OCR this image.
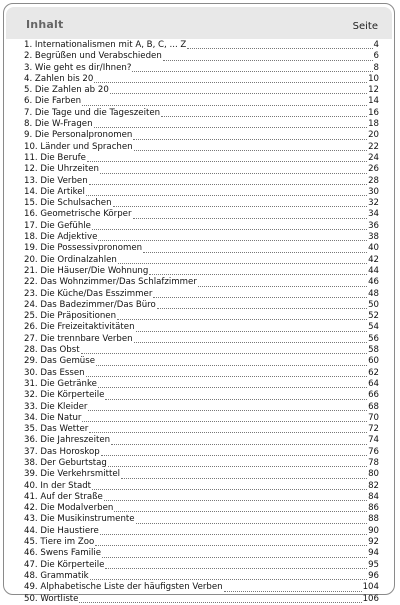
Inhalt	Seite
1. Internationalismen mit A, B, C, ... Z	4
2. Begrüßen und Verabschieden	6
3. Wie geht es dir/Ihnen?	8
4. Zahlen bis 20	10
5. Die Zahlen ab 20	12
6. Die Farben	14
7. Die Tage und die Tageszeiten	16
8. Die W-Fragen	18
9. Die Personalpronomen	20
10. Länder und Sprachen	22
11. Die Berufe	24
12. Die Uhrzeiten	26
13. Die Verben	28
14. Die Artikel	30
15. Die Schulsachen	32
16. Geometrische Körper	34
17. Die Gefühle	36
18. Die Adjektive	38
19. Die Possessivpronomen	40
20. Die Ordinalzahlen	42
21. Die Häuser/Die Wohnung	44
22. Das Wohnzimmer/Das Schlafzimmer	46
23. Die Küche/Das Esszimmer	48
24. Das Badezimmer/Das Büro	50
25. Die Präpositionen	52
26. Die Freizeitaktivitäten	54
27. Die trennbare Verben	56
28. Das Obst	58
29. Das Gemüse	60
30. Das Essen	62
31. Die Getränke	64
32. Die Körperteile	66
33. Die Kleider	68
34. Die Natur	70
35. Das Wetter	72
36. Die Jahreszeiten	74
37. Das Horoskop	76
38. Der Geburtstag	78
39. Die Verkehrsmittel	80
40. In der Stadt	82
41. Auf der Straße	84
42. Die Modalverben	86
43. Die Musikinstrumente	88
44. Die Haustiere	90
45. Tiere im Zoo	92
46. Swens Familie	94
47. Die Körperteile	95
48. Grammatik	96
49. Alphabetische Liste der häufigsten Verben	104
50. Wortliste	106
